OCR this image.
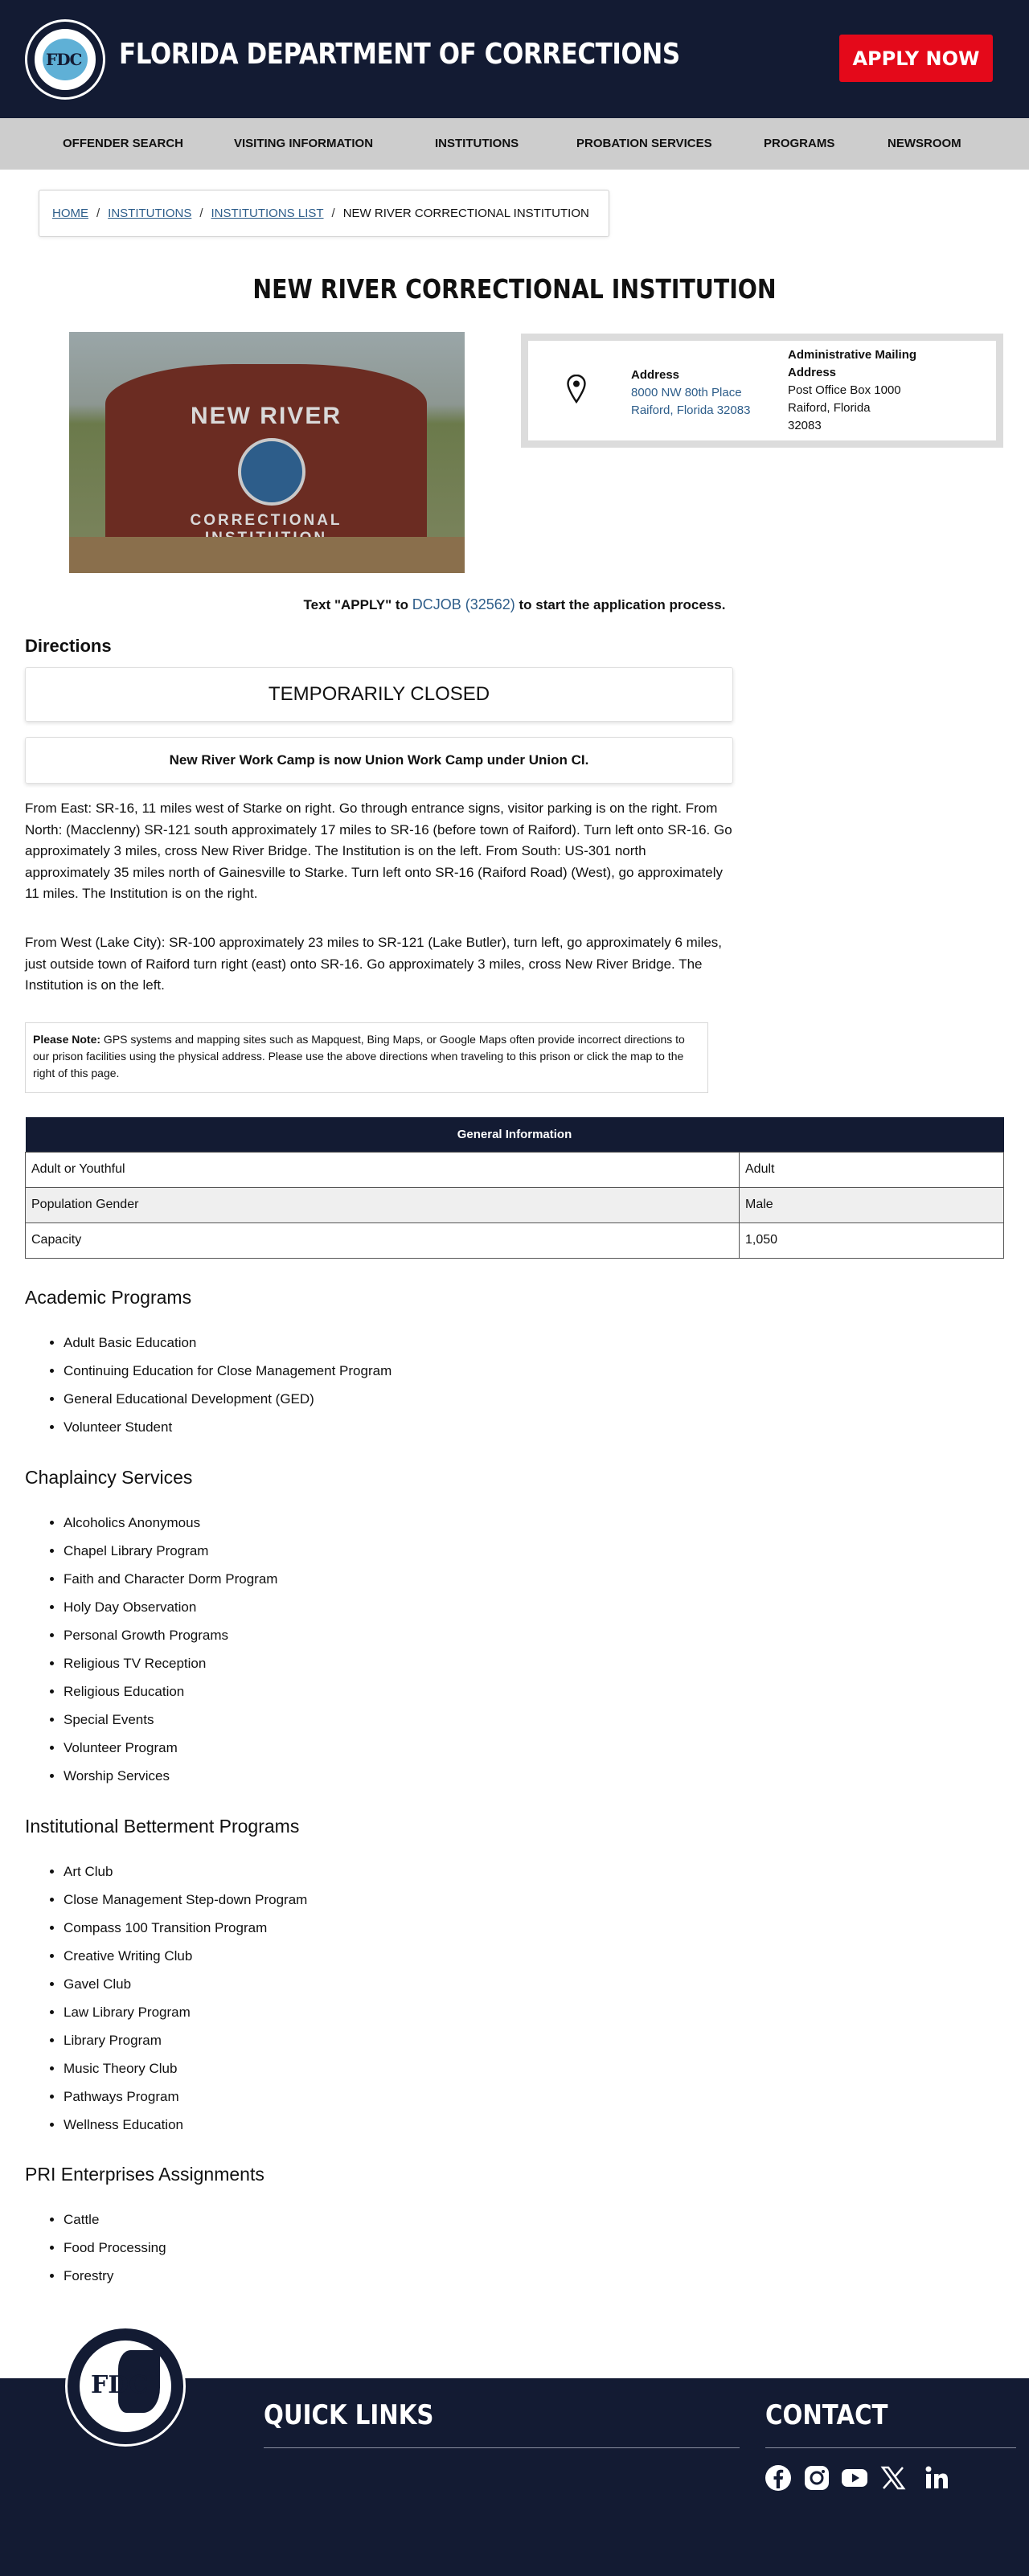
FDC FLORIDA DEPARTMENT OF CORRECTIONS	APPLY NOW
OFFENDER SEARCH	VISITING INFORMATION	INSTITUTIONS	PROBATION SERVICES	PROGRAMS	NEWSROOM
HOME / INSTITUTIONS / INSTITUTIONS LIST / NEW RIVER CORRECTIONAL INSTITUTION
NEW RIVER CORRECTIONAL INSTITUTION
NEW RIVER
CORRECTIONAL
Address
8000 NW 80th Place
Raiford, Florida 32083
Administrative Mailing Address
Post Office Box 1000
Raiford, Florida
32083
Text "APPLY" to DCJOB (32562) to start the application process.
Directions
TEMPORARILY CLOSED
New River Work Camp is now Union Work Camp under Union CI.

From East: SR-16, 11 miles west of Starke on right. Go through entrance signs, visitor parking is on the right. From North: (Macclenny) SR-121 south approximately 17 miles to SR-16 (before town of Raiford). Turn left onto SR-16. Go approximately 3 miles, cross New River Bridge. The Institution is on the left. From South: US-301 north approximately 35 miles north of Gainesville to Starke. Turn left onto SR-16 (Raiford Road) (West), go approximately 11 miles. The Institution is on the right.

From West (Lake City): SR-100 approximately 23 miles to SR-121 (Lake Butler), turn left, go approximately 6 miles, just outside town of Raiford turn right (east) onto SR-16. Go approximately 3 miles, cross New River Bridge. The Institution is on the left.

Please Note: GPS systems and mapping sites such as Mapquest, Bing Maps, or Google Maps often provide incorrect directions to our prison facilities using the physical address. Please use the above directions when traveling to this prison or click the map to the right of this page.
General Information	
Adult or Youthful	Adult
Population Gender	Male
Capacity	1,050
Academic Programs
• Adult Basic Education
• Continuing Education for Close Management Program
• General Educational Development (GED)
• Volunteer Student
Chaplaincy Services
• Alcoholics Anonymous
• Chapel Library Program
• Faith and Character Dorm Program
• Holy Day Observation
• Personal Growth Programs
• Religious TV Reception
• Religious Education
• Special Events
• Volunteer Program
• Worship Services
Institutional Betterment Programs
• Art Club
• Close Management Step-down Program
• Compass 100 Transition Program
• Creative Writing Club
• Gavel Club
• Law Library Program
• Library Program
• Music Theory Club
• Pathways Program
• Wellness Education
PRI Enterprises Assignments
• Cattle
• Food Processing
• Forestry
FDC
QUICK LINKS	CONTACT
